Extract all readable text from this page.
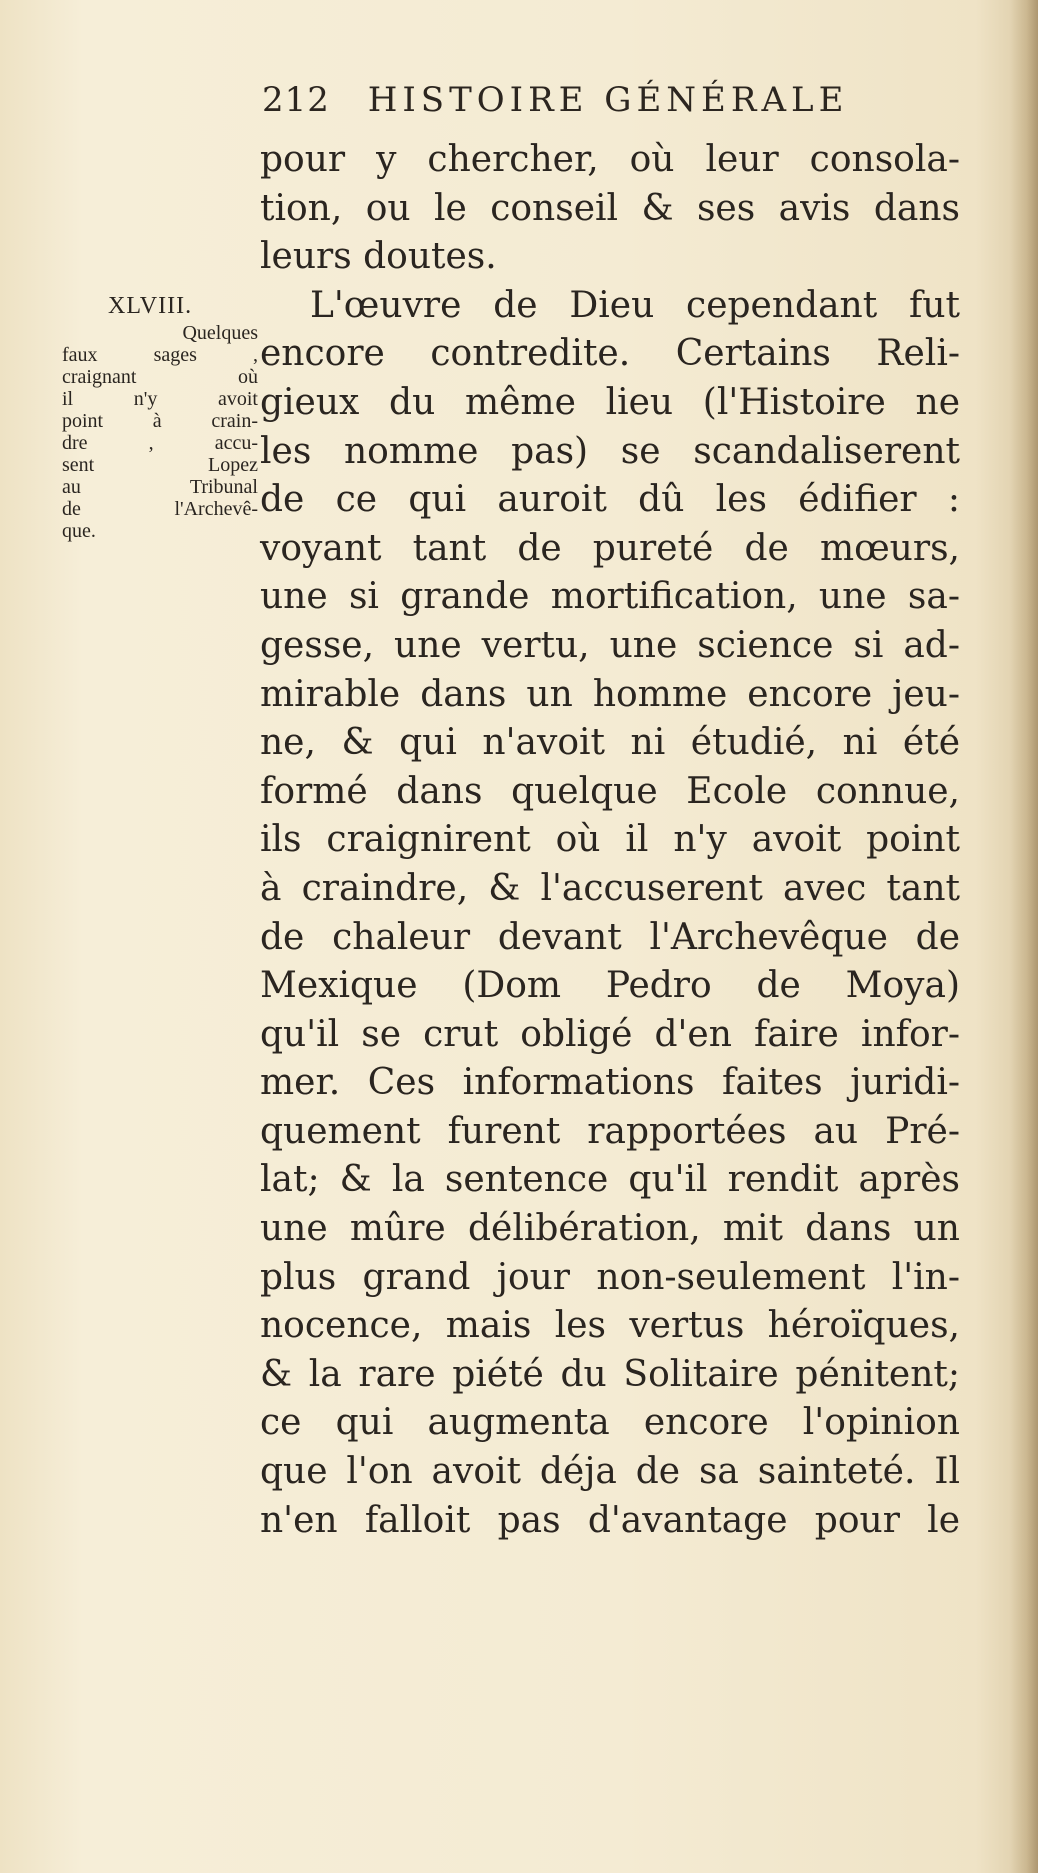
212 HISTOIRE GÉNÉRALE
XLVIII.
Quelques
faux sages ,
craignant où
il n'y avoit
point à crain-
dre , accu-
sent Lopez
au Tribunal
de l'Archevê-
que.
pour y chercher, où leur consola-
tion, ou le conseil & ses avis dans
leurs doutes.
L'œuvre de Dieu cependant fut
encore contredite. Certains Reli-
gieux du même lieu (l'Histoire ne
les nomme pas) se scandaliserent
de ce qui auroit dû les édifier :
voyant tant de pureté de mœurs,
une si grande mortification, une sa-
gesse, une vertu, une science si ad-
mirable dans un homme encore jeu-
ne, & qui n'avoit ni étudié, ni été
formé dans quelque Ecole connue,
ils craignirent où il n'y avoit point
à craindre, & l'accuserent avec tant
de chaleur devant l'Archevêque de
Mexique (Dom Pedro de Moya)
qu'il se crut obligé d'en faire infor-
mer. Ces informations faites juridi-
quement furent rapportées au Pré-
lat; & la sentence qu'il rendit après
une mûre délibération, mit dans un
plus grand jour non-seulement l'in-
nocence, mais les vertus héroïques,
& la rare piété du Solitaire pénitent;
ce qui augmenta encore l'opinion
que l'on avoit déja de sa sainteté. Il
n'en falloit pas d'avantage pour le
